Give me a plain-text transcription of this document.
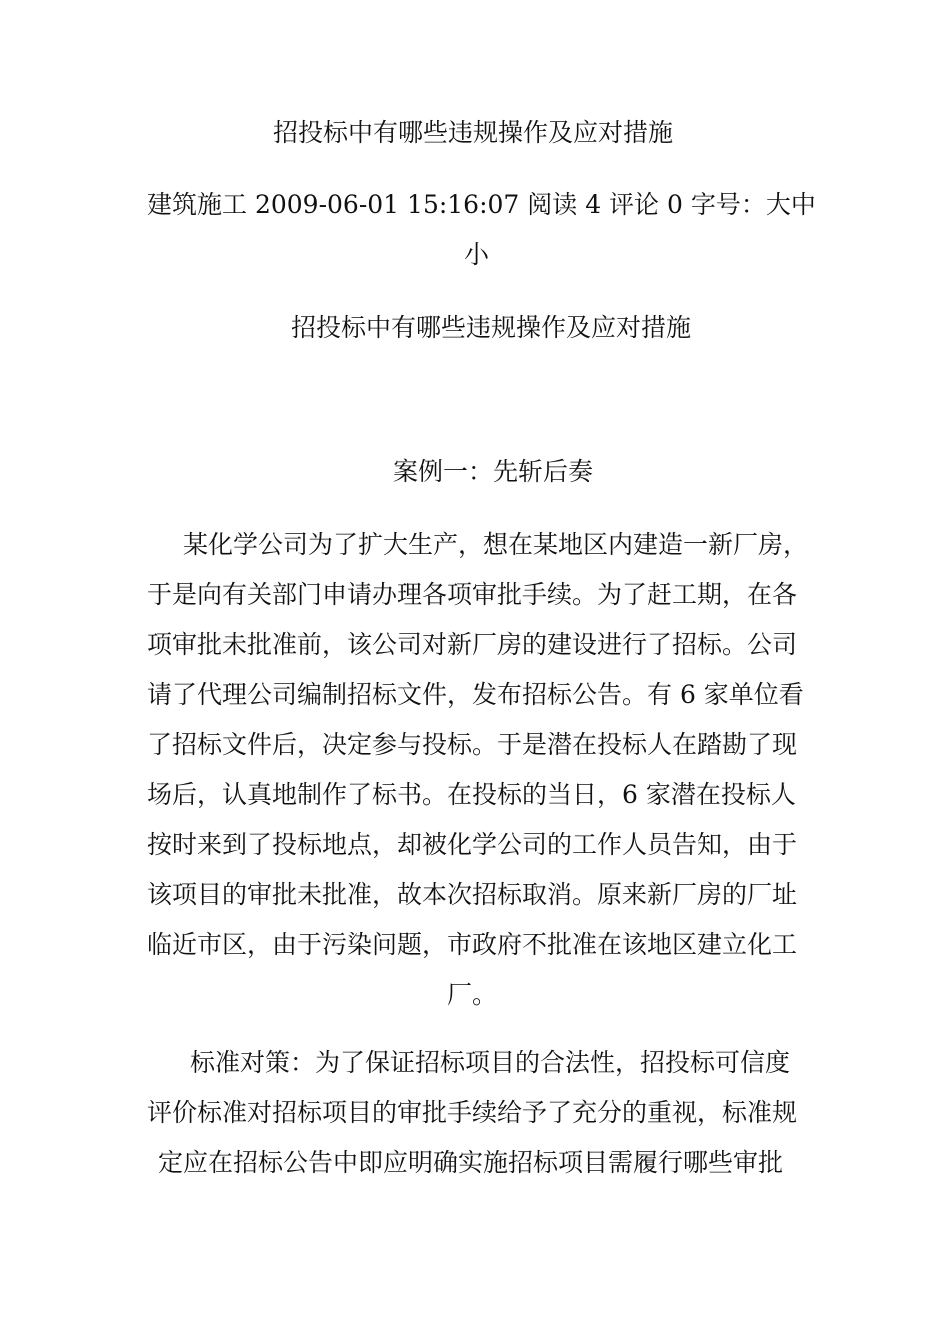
招投标中有哪些违规操作及应对措施
建筑施工 2009-06-01 15:16:07 阅读 4 评论 0 字号：大中
小
招投标中有哪些违规操作及应对措施
案例一：先斩后奏
某化学公司为了扩大生产，想在某地区内建造一新厂房，
于是向有关部门申请办理各项审批手续。为了赶工期，在各
项审批未批准前，该公司对新厂房的建设进行了招标。公司
请了代理公司编制招标文件，发布招标公告。有 6 家单位看
了招标文件后，决定参与投标。于是潜在投标人在踏勘了现
场后，认真地制作了标书。在投标的当日，6 家潜在投标人
按时来到了投标地点，却被化学公司的工作人员告知，由于
该项目的审批未批准，故本次招标取消。原来新厂房的厂址
临近市区，由于污染问题，市政府不批准在该地区建立化工
厂。
标准对策：为了保证招标项目的合法性，招投标可信度
评价标准对招标项目的审批手续给予了充分的重视，标准规
定应在招标公告中即应明确实施招标项目需履行哪些审批
